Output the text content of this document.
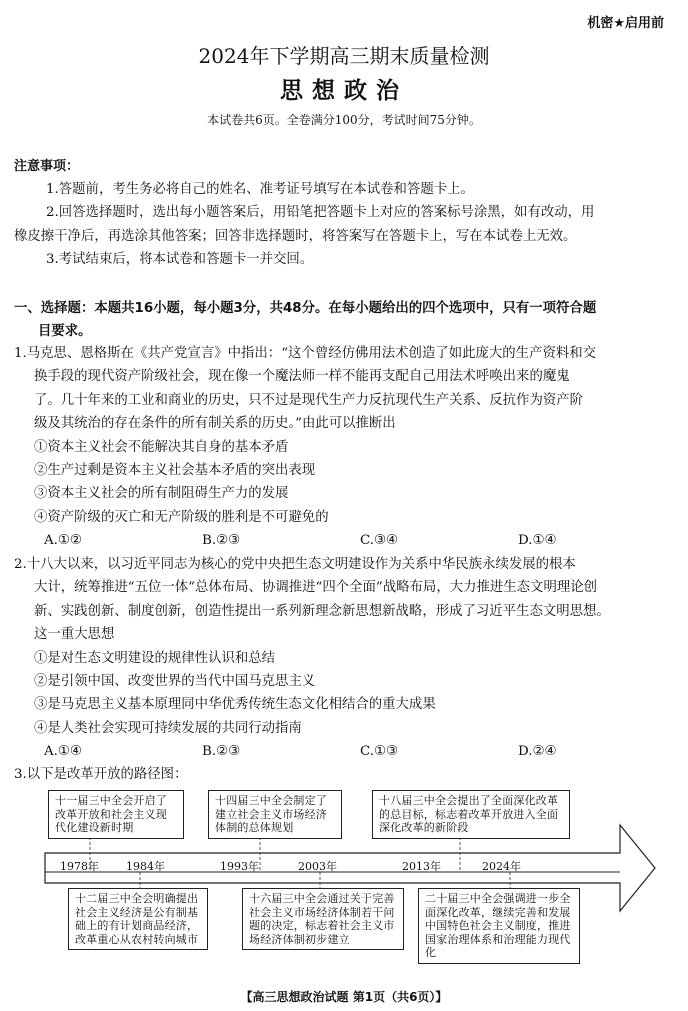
机密★启用前
2024年下学期高三期末质量检测
思想政治
本试卷共6页。全卷满分100分，考试时间75分钟。
注意事项：

1.答题前，考生务必将自己的姓名、准考证号填写在本试卷和答题卡上。

2.回答选择题时，选出每小题答案后，用铅笔把答题卡上对应的答案标号涂黑，如有改动，用

橡皮擦干净后，再选涂其他答案；回答非选择题时，将答案写在答题卡上，写在本试卷上无效。

3.考试结束后，将本试卷和答题卡一并交回。

一、选择题：本题共16小题，每小题3分，共48分。在每小题给出的四个选项中，只有一项符合题
目要求。

1.马克思、恩格斯在《共产党宣言》中指出：“这个曾经仿佛用法术创造了如此庞大的生产资料和交

换手段的现代资产阶级社会，现在像一个魔法师一样不能再支配自己用法术呼唤出来的魔鬼

了。几十年来的工业和商业的历史，只不过是现代生产力反抗现代生产关系、反抗作为资产阶

级及其统治的存在条件的所有制关系的历史。”由此可以推断出

①资本主义社会不能解决其自身的基本矛盾

②生产过剩是资本主义社会基本矛盾的突出表现

③资本主义社会的所有制阻碍生产力的发展

④资产阶级的灭亡和无产阶级的胜利是不可避免的

A.①②	B.②③	C.③④	D.①④

2.十八大以来，以习近平同志为核心的党中央把生态文明建设作为关系中华民族永续发展的根本

大计，统筹推进“五位一体”总体布局、协调推进“四个全面”战略布局，大力推进生态文明理论创

新、实践创新、制度创新，创造性提出一系列新理念新思想新战略，形成了习近平生态文明思想。

这一重大思想

①是对生态文明建设的规律性认识和总结

②是引领中国、改变世界的当代中国马克思主义

③是马克思主义基本原理同中华优秀传统生态文化相结合的重大成果

④是人类社会实现可持续发展的共同行动指南

A.①④	B.②③	C.①③	D.②④

3.以下是改革开放的路径图：

十一届三中全会开启了改革开放和社会主义现代化建设新时期
十四届三中全会制定了建立社会主义市场经济体制的总体规划
十八届三中全会提出了全面深化改革的总目标，标志着改革开放进入全面深化改革的新阶段
1978年 1984年	1993年	2003年	2013年	2024年
十二届三中全会明确提出社会主义经济是公有制基础上的有计划商品经济，改革重心从农村转向城市
十六届三中全会通过关于完善社会主义市场经济体制若干问题的决定，标志着社会主义市场经济体制初步建立
二十届三中全会强调进一步全面深化改革，继续完善和发展中国特色社会主义制度，推进国家治理体系和治理能力现代化
【高三思想政治试题 第1页（共6页）】
